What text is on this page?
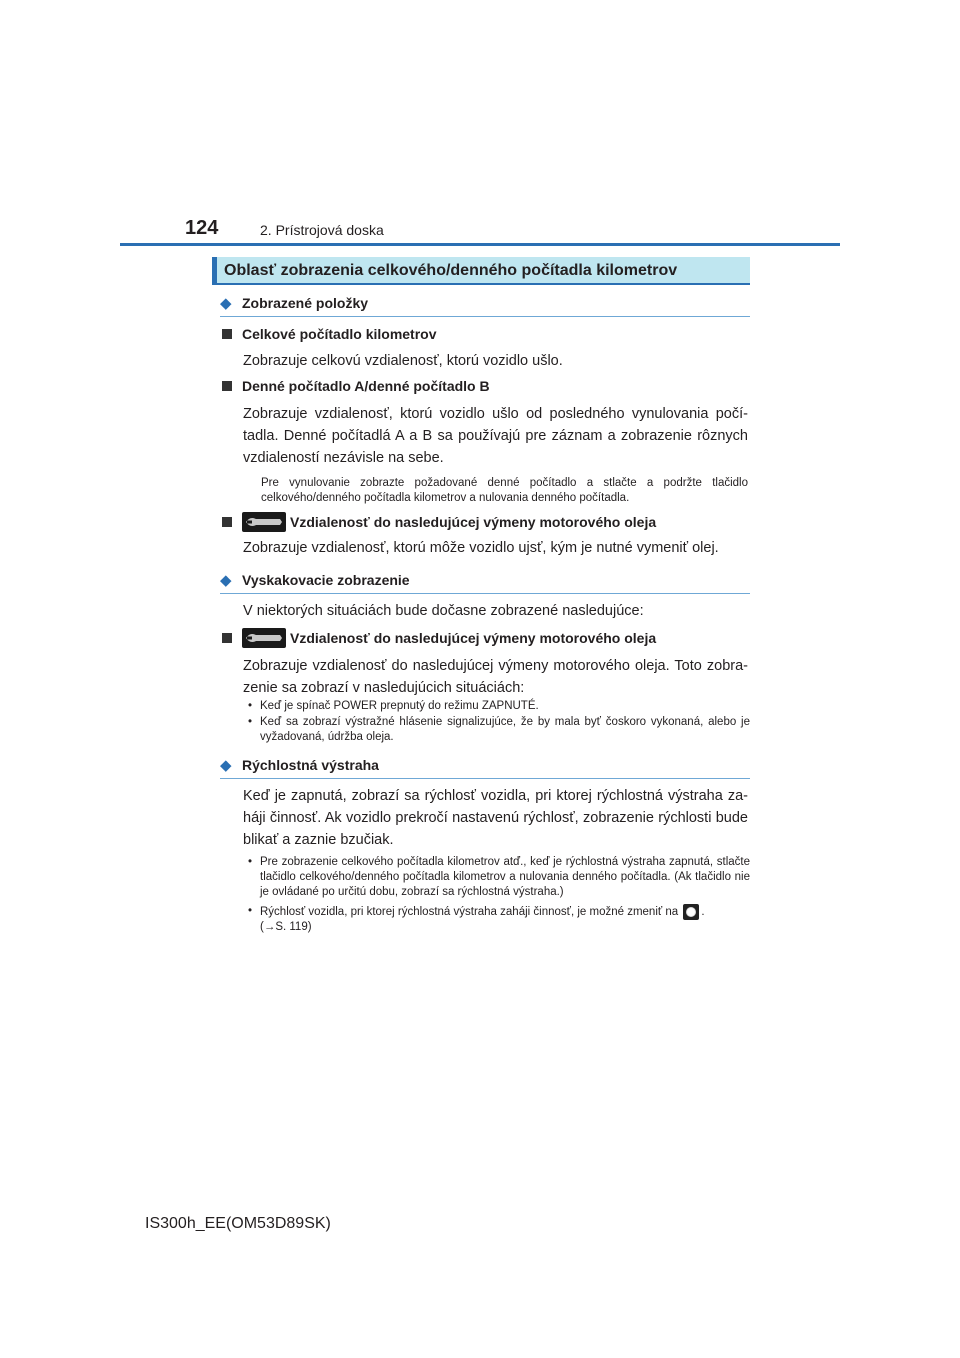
124	2. Prístrojová doska
Oblasť zobrazenia celkového/denného počítadla kilometrov
◆ Zobrazené položky
Celkové počítadlo kilometrov
Zobrazuje celkovú vzdialenosť, ktorú vozidlo ušlo.
Denné počítadlo A/denné počítadlo B
Zobrazuje vzdialenosť, ktorú vozidlo ušlo od posledného vynulovania počítadla. Denné počítadlá A a B sa používajú pre záznam a zobrazenie rôznych vzdialeností nezávisle na sebe.
Pre vynulovanie zobrazte požadované denné počítadlo a stlačte a podržte tlačidlo celkového/denného počítadla kilometrov a nulovania denného počítadla.
Vzdialenosť do nasledujúcej výmeny motorového oleja
Zobrazuje vzdialenosť, ktorú môže vozidlo ujsť, kým je nutné vymeniť olej.
◆ Vyskakovacie zobrazenie
V niektorých situáciách bude dočasne zobrazené nasledujúce:
Vzdialenosť do nasledujúcej výmeny motorového oleja
Zobrazuje vzdialenosť do nasledujúcej výmeny motorového oleja. Toto zobrazenie sa zobrazí v nasledujúcich situáciách:
• Keď je spínač POWER prepnutý do režimu ZAPNUTÉ.
• Keď sa zobrazí výstražné hlásenie signalizujúce, že by mala byť čoskoro vykonaná, alebo je vyžadovaná, údržba oleja.
◆ Rýchlostná výstraha
Keď je zapnutá, zobrazí sa rýchlosť vozidla, pri ktorej rýchlostná výstraha zaháji činnosť. Ak vozidlo prekročí nastavenú rýchlosť, zobrazenie rýchlosti bude blikať a zaznie bzučiak.
• Pre zobrazenie celkového počítadla kilometrov atď., keď je rýchlostná výstraha zapnutá, stlačte tlačidlo celkového/denného počítadla kilometrov a nulovania denného počítadla. (Ak tlačidlo nie je ovládané po určitú dobu, zobrazí sa rýchlostná výstraha.)
• Rýchlosť vozidla, pri ktorej rýchlostná výstraha zaháji činnosť, je možné zmeniť na .
(→S. 119)
IS300h_EE(OM53D89SK)
